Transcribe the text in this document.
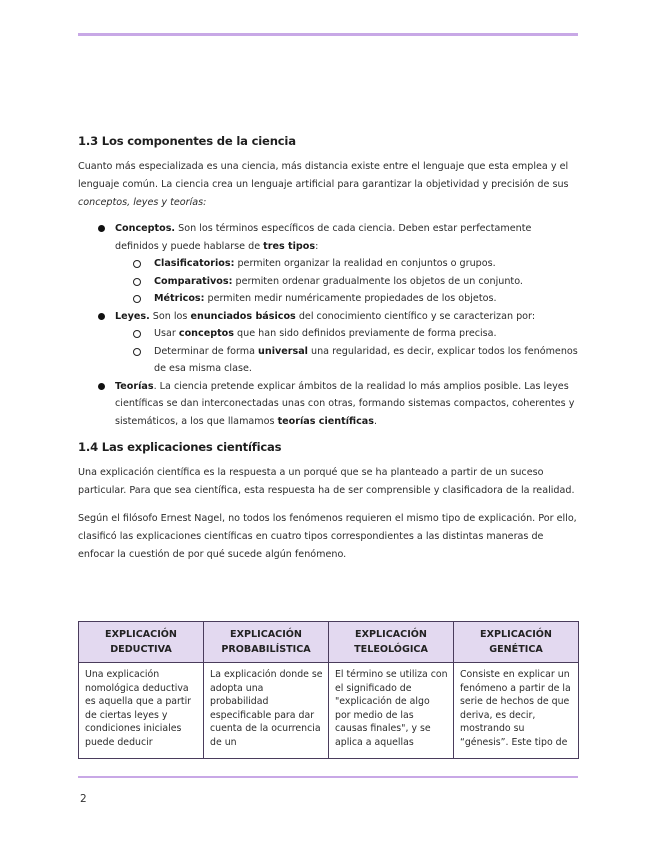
1.3 Los componentes de la ciencia

Cuanto más especializada es una ciencia, más distancia existe entre el lenguaje que esta emplea y el lenguaje común. La ciencia crea un lenguaje artificial para garantizar la objetividad y precisión de sus conceptos, leyes y teorías:

Conceptos. Son los términos específicos de cada ciencia. Deben estar perfectamente definidos y puede hablarse de tres tipos:
Clasificatorios: permiten organizar la realidad en conjuntos o grupos.
Comparativos: permiten ordenar gradualmente los objetos de un conjunto.
Métricos: permiten medir numéricamente propiedades de los objetos.
Leyes. Son los enunciados básicos del conocimiento científico y se caracterizan por:
Usar conceptos que han sido definidos previamente de forma precisa.
Determinar de forma universal una regularidad, es decir, explicar todos los fenómenos de esa misma clase.
Teorías. La ciencia pretende explicar ámbitos de la realidad lo más amplios posible. Las leyes científicas se dan interconectadas unas con otras, formando sistemas compactos, coherentes y sistemáticos, a los que llamamos teorías científicas.
1.4 Las explicaciones científicas

Una explicación científica es la respuesta a un porqué que se ha planteado a partir de un suceso particular. Para que sea científica, esta respuesta ha de ser comprensible y clasificadora de la realidad.

Según el filósofo Ernest Nagel, no todos los fenómenos requieren el mismo tipo de explicación. Por ello, clasificó las explicaciones científicas en cuatro tipos correspondientes a las distintas maneras de enfocar la cuestión de por qué sucede algún fenómeno.

EXPLICACIÓN DEDUCTIVA	EXPLICACIÓN PROBABILÍSTICA	EXPLICACIÓN TELEOLÓGICA	EXPLICACIÓN GENÉTICA
Una explicación nomológica deductiva es aquella que a partir de ciertas leyes y condiciones iniciales puede deducir	La explicación donde se adopta una probabilidad especificable para dar cuenta de la ocurrencia de un	El término se utiliza con el significado de "explicación de algo por medio de las causas finales", y se aplica a aquellas	Consiste en explicar un fenómeno a partir de la serie de hechos de que deriva, es decir, mostrando su “génesis”. Este tipo de
2
